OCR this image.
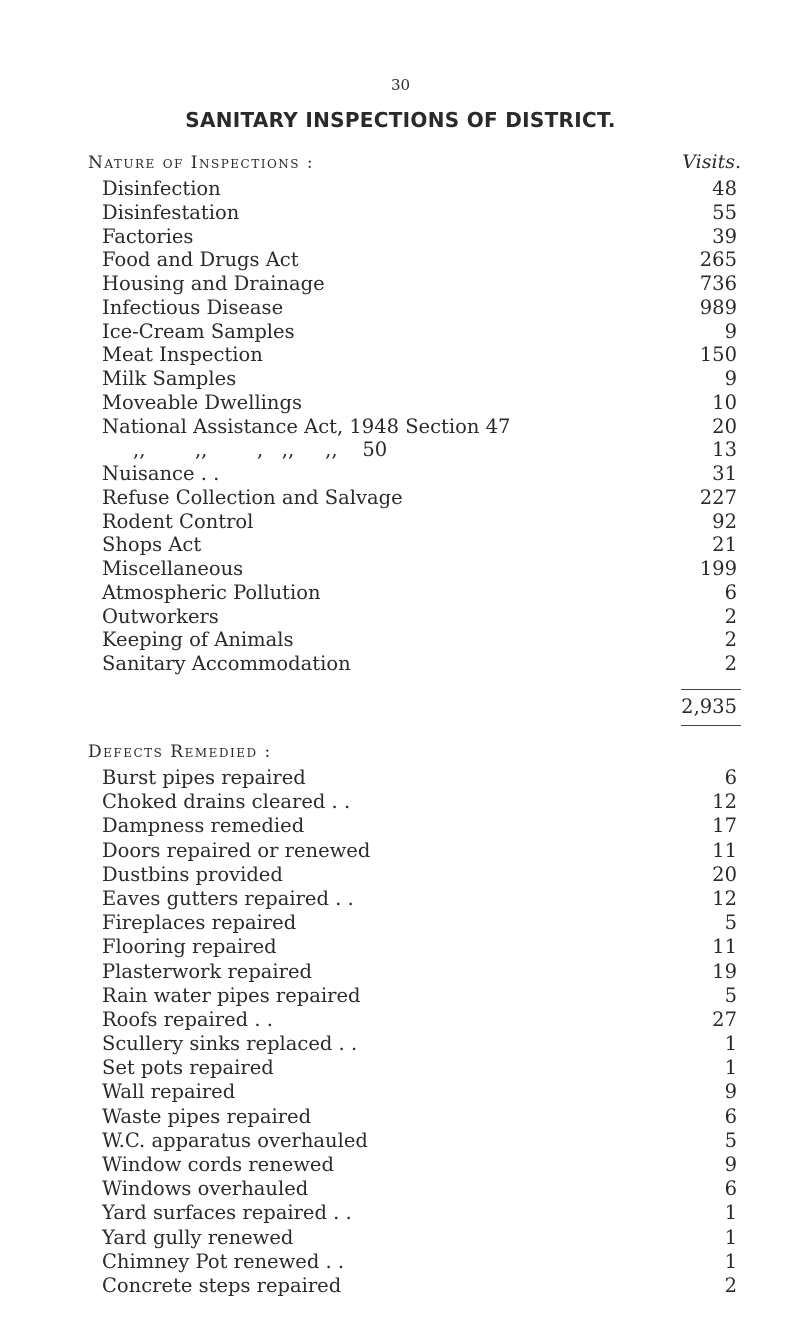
30
SANITARY INSPECTIONS OF DISTRICT.
Nature of Inspections :	Visits.
Disinfection	48
Disinfestation	55
Factories	39
Food and Drugs Act	265
Housing and Drainage	736
Infectious Disease	989
Ice-Cream Samples	9
Meat Inspection	150
Milk Samples	9
Moveable Dwellings	10
National Assistance Act, 1948 Section 47	20
,,        ,,        ,   ,,     ,,    50	13
Nuisance . .	31
Refuse Collection and Salvage	227
Rodent Control	92
Shops Act	21
Miscellaneous	199
Atmospheric Pollution	6
Outworkers	2
Keeping of Animals	2
Sanitary Accommodation	2
2,935
Defects Remedied :
Burst pipes repaired	6
Choked drains cleared . .	12
Dampness remedied	17
Doors repaired or renewed	11
Dustbins provided	20
Eaves gutters repaired . .	12
Fireplaces repaired	5
Flooring repaired	11
Plasterwork repaired	19
Rain water pipes repaired	5
Roofs repaired . .	27
Scullery sinks replaced . .	1
Set pots repaired	1
Wall repaired	9
Waste pipes repaired	6
W.C. apparatus overhauled	5
Window cords renewed	9
Windows overhauled	6
Yard surfaces repaired . .	1
Yard gully renewed	1
Chimney Pot renewed . .	1
Concrete steps repaired	2
